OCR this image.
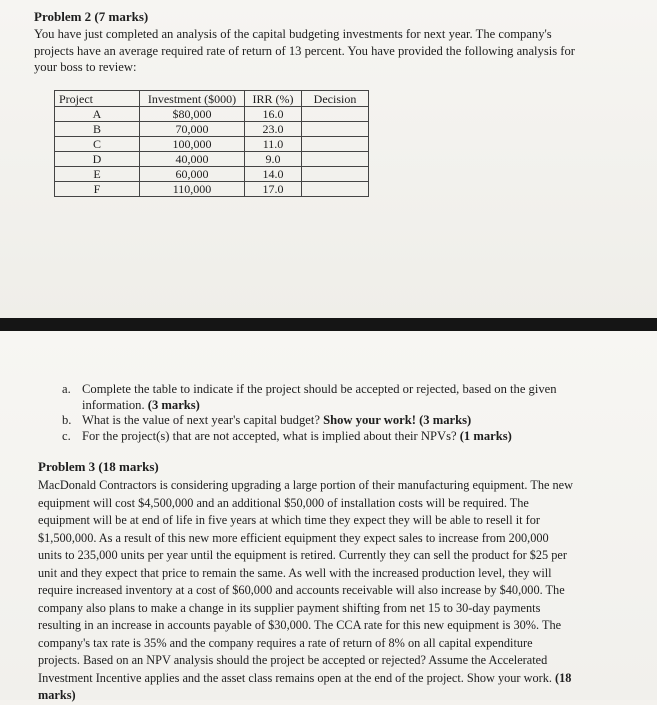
Problem 2 (7 marks)
You have just completed an analysis of the capital budgeting investments for next year. The company's
projects have an average required rate of return of 13 percent. You have provided the following analysis for
your boss to review:
Project	Investment ($000)	IRR (%)	Decision
A	$80,000	16.0	
B	70,000	23.0	
C	100,000	11.0	
D	40,000	9.0	
E	60,000	14.0	
F	110,000	17.0	
a. Complete the table to indicate if the project should be accepted or rejected, based on the given
information. (3 marks)
b. What is the value of next year's capital budget?
Show your work! (3 marks)
c. For the project(s) that are not accepted, what is implied about their NPVs?
(1 marks)
Problem 3 (18 marks)
MacDonald Contractors is considering upgrading a large portion of their manufacturing equipment. The new
equipment will cost $4,500,000 and an additional $50,000 of installation costs will be required. The
equipment will be at end of life in five years at which time they expect they will be able to resell it for
$1,500,000. As a result of this new more efficient equipment they expect sales to increase from 200,000
units to 235,000 units per year until the equipment is retired. Currently they can sell the product for $25 per
unit and they expect that price to remain the same. As well with the increased production level, they will
require increased inventory at a cost of $60,000 and accounts receivable will also increase by $40,000. The
company also plans to make a change in its supplier payment shifting from net 15 to 30-day payments
resulting in an increase in accounts payable of $30,000. The CCA rate for this new equipment is 30%. The
company's tax rate is 35% and the company requires a rate of return of 8% on all capital expenditure
projects. Based on an NPV analysis should the project be accepted or rejected? Assume the Accelerated
Investment Incentive applies and the asset class remains open at the end of the project. Show your work. (18
marks)
